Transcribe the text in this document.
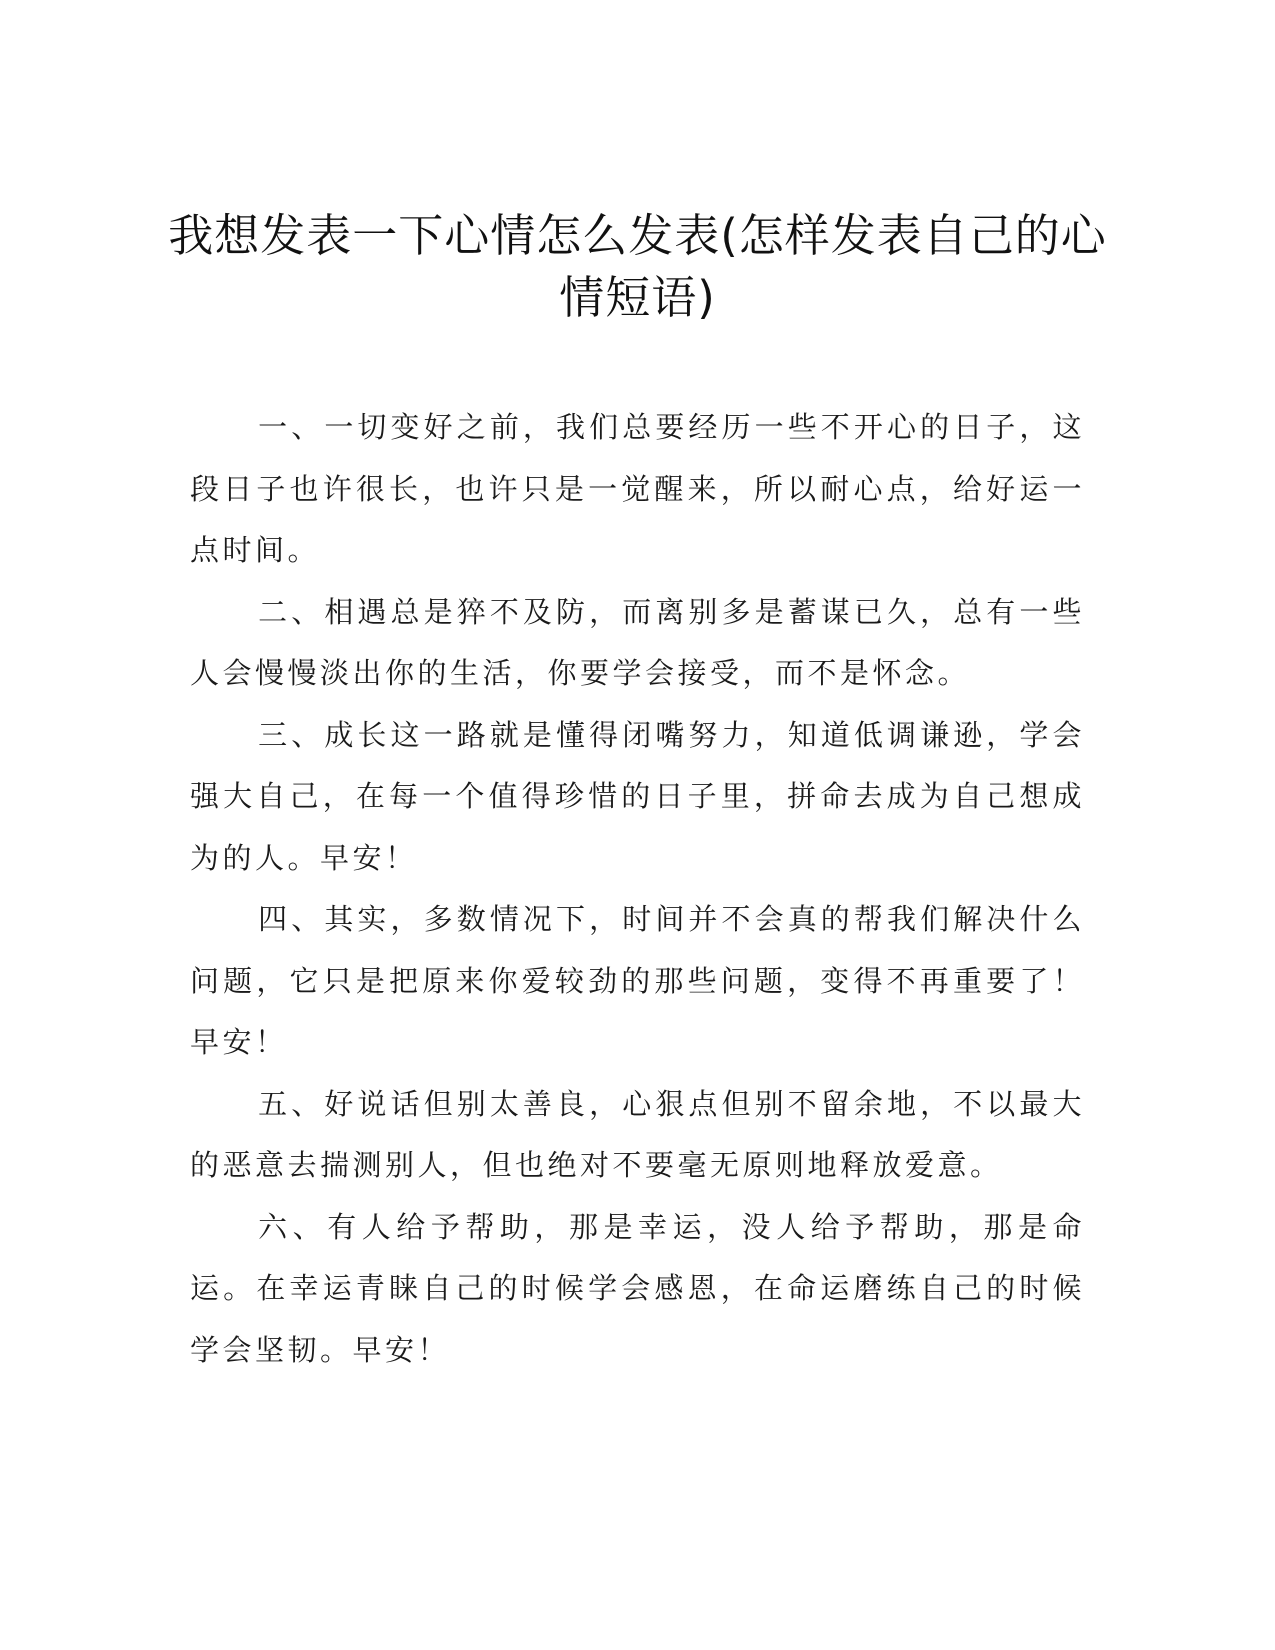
我想发表一下心情怎么发表(怎样发表自己的心情短语)

一、一切变好之前，我们总要经历一些不开心的日子，这段日子也许很长，也许只是一觉醒来，所以耐心点，给好运一点时间。

二、相遇总是猝不及防，而离别多是蓄谋已久，总有一些人会慢慢淡出你的生活，你要学会接受，而不是怀念。

三、成长这一路就是懂得闭嘴努力，知道低调谦逊，学会强大自己，在每一个值得珍惜的日子里，拼命去成为自己想成为的人。早安！

四、其实，多数情况下，时间并不会真的帮我们解决什么问题，它只是把原来你爱较劲的那些问题，变得不再重要了！早安！

五、好说话但别太善良，心狠点但别不留余地，不以最大的恶意去揣测别人，但也绝对不要毫无原则地释放爱意。

六、有人给予帮助，那是幸运，没人给予帮助，那是命运。在幸运青睐自己的时候学会感恩，在命运磨练自己的时候学会坚韧。早安！
